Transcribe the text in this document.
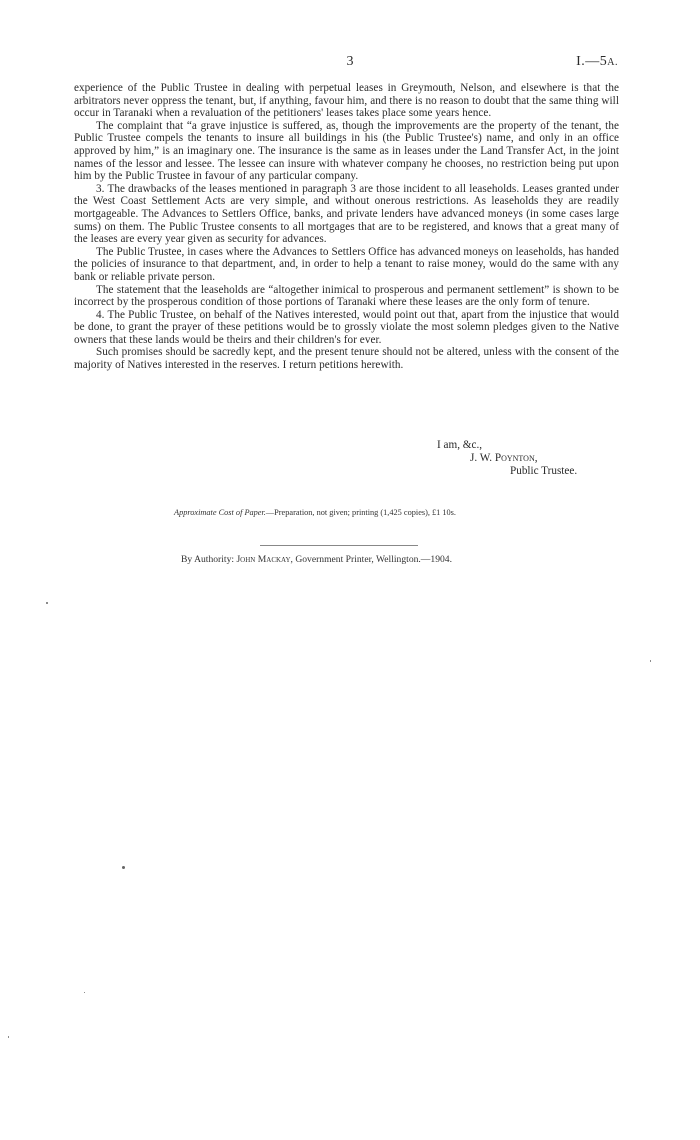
3	I.—5A.

experience of the Public Trustee in dealing with perpetual leases in Greymouth, Nelson, and elsewhere is that the arbitrators never oppress the tenant, but, if anything, favour him, and there is no reason to doubt that the same thing will occur in Taranaki when a revaluation of the petitioners' leases takes place some years hence.

The complaint that “a grave injustice is suffered, as, though the improvements are the property of the tenant, the Public Trustee compels the tenants to insure all buildings in his (the Public Trustee's) name, and only in an office approved by him,” is an imaginary one. The insurance is the same as in leases under the Land Transfer Act, in the joint names of the lessor and lessee. The lessee can insure with whatever company he chooses, no restriction being put upon him by the Public Trustee in favour of any particular company.

3. The drawbacks of the leases mentioned in paragraph 3 are those incident to all leaseholds. Leases granted under the West Coast Settlement Acts are very simple, and without onerous restrictions. As leaseholds they are readily mortgageable. The Advances to Settlers Office, banks, and private lenders have advanced moneys (in some cases large sums) on them. The Public Trustee consents to all mortgages that are to be registered, and knows that a great many of the leases are every year given as security for advances.

The Public Trustee, in cases where the Advances to Settlers Office has advanced moneys on leaseholds, has handed the policies of insurance to that department, and, in order to help a tenant to raise money, would do the same with any bank or reliable private person.

The statement that the leaseholds are “altogether inimical to prosperous and permanent settlement” is shown to be incorrect by the prosperous condition of those portions of Taranaki where these leases are the only form of tenure.

4. The Public Trustee, on behalf of the Natives interested, would point out that, apart from the injustice that would be done, to grant the prayer of these petitions would be to grossly violate the most solemn pledges given to the Native owners that these lands would be theirs and their children's for ever.

Such promises should be sacredly kept, and the present tenure should not be altered, unless with the consent of the majority of Natives interested in the reserves. I return petitions herewith.

I am, &c.,
J. W. Poynton,
Public Trustee.
Approximate Cost of Paper.—Preparation, not given; printing (1,425 copies), £1 10s.
By Authority: John Mackay, Government Printer, Wellington.—1904.
